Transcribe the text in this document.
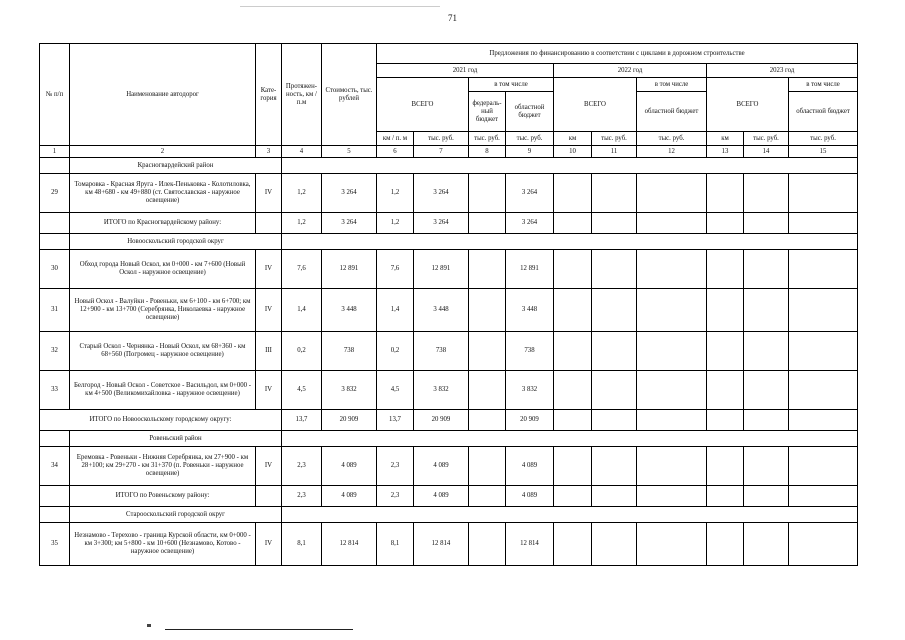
71
№ п/п	Наименование автодорог	Кате-гория	Протяжен-ность, км / п.м	Стоимость, тыс. рублей	Предложения по финансированию в соответствии с циклами в дорожном строительстве									
					2021 год				2022 год			2023 год		
					ВСЕГО		в том числе		ВСЕГО		в том числе	ВСЕГО		в том числе
							федераль-ный бюджет	областной бюджет			областной бюджет			областной бюджет
					км / п. м	тыс. руб.	тыс. руб.	тыс. руб.	км	тыс. руб.	тыс. руб.	км	тыс. руб.	тыс. руб.
1	2	3	4	5	6	7	8	9	10	11	12	13	14	15
	Красногвардейский район													
29	Томаровка - Красная Яруга - Илек-Пеньковка - Колотиловка, км 48+680 - км 49+880 (ст. Святославская - наружное освещение)	IV	1,2	3 264	1,2	3 264		3 264						
	ИТОГО по Красногвардейскому району:		1,2	3 264	1,2	3 264		3 264						
	Новооскольский городской округ													
30	Обход города Новый Оскол, км 0+000 - км 7+600 (Новый Оскол - наружное освещение)	IV	7,6	12 891	7,6	12 891		12 891						
31	Новый Оскол - Валуйки - Ровеньки, км 6+100 - км 6+700; км 12+900 - км 13+700 (Серебрянка, Николаевка - наружное освещение)	IV	1,4	3 448	1,4	3 448		3 448						
32	Старый Оскол - Чернянка - Новый Оскол, км 68+360 - км 68+560 (Погромец - наружное освещение)	III	0,2	738	0,2	738		738						
33	Белгород - Новый Оскол - Советское - Васильдол, км 0+000 - км 4+500 (Великомихайловка - наружное освещение)	IV	4,5	3 832	4,5	3 832		3 832						
ИТОГО по Новооскольскому городскому округу:			13,7	20 909	13,7	20 909		20 909						
	Ровеньский район													
34	Еремовка - Ровеньки - Нижняя Серебрянка, км 27+900 - км 28+100; км 29+270 - км 31+370 (п. Ровеньки - наружное освещение)	IV	2,3	4 089	2,3	4 089		4 089						
	ИТОГО по Ровеньскому району:		2,3	4 089	2,3	4 089		4 089						
	Старооскольский городской округ													
35	Незнамово - Терехово - граница Курской области, км 0+000 - км 3+300; км 5+800 - км 10+600 (Незнамово, Котово - наружное освещение)	IV	8,1	12 814	8,1	12 814		12 814						
